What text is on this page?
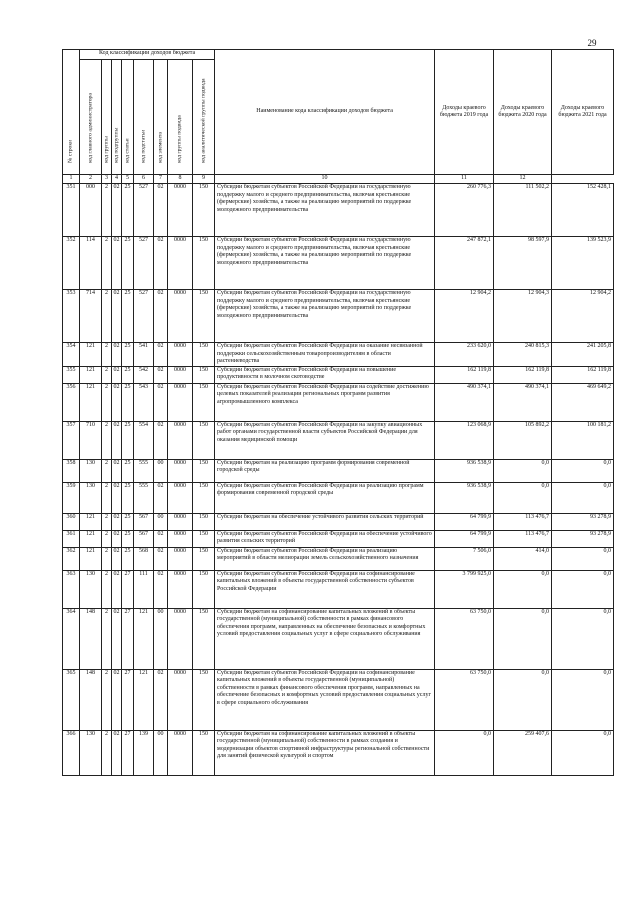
29
№ строки	Код классификации доходов бюджета								Наименование кода классификации доходов бюджета	Доходы краевого бюджета 2019 года	Доходы краевого бюджета 2020 года	Доходы краевого бюджета 2021 года

	код главного администратора	код группы	код подгруппы	код статьи	код подстатьи	код элемента	код группы подвида	код аналитической группы подвида				

1	2	3	4	5	6	7	8	9	10	11	12	
351	000	2	02	25	527	02	0000	150	Субсидии бюджетам субъектов Российской Федерации на государственную поддержку малого и среднего предпринимательства, включая крестьянские (фермерские) хозяйства, а также на реализацию мероприятий по поддержке молодежного предпринимательства	260 776,3	111 502,2	152 428,1
352	114	2	02	25	527	02	0000	150	Субсидии бюджетам субъектов Российской Федерации на государственную поддержку малого и среднего предпринимательства, включая крестьянские (фермерские) хозяйства, а также на реализацию мероприятий по поддержке молодежного предпринимательства	247 872,1	98 597,9	139 523,9
353	714	2	02	25	527	02	0000	150	Субсидии бюджетам субъектов Российской Федерации на государственную поддержку малого и среднего предпринимательства, включая крестьянские (фермерские) хозяйства, а также на реализацию мероприятий по поддержке молодежного предпринимательства	12 904,2	12 904,3	12 904,2
354	121	2	02	25	541	02	0000	150	Субсидии бюджетам субъектов Российской Федерации на оказание несвязанной поддержки сельскохозяйственным товаропроизводителям в области растениеводства	233 620,0	240 815,3	241 205,8
355	121	2	02	25	542	02	0000	150	Субсидии бюджетам субъектов Российской Федерации на повышение продуктивности в молочном скотоводстве	162 119,8	162 119,8	162 119,8
356	121	2	02	25	543	02	0000	150	Субсидии бюджетам субъектов Российской Федерации на содействие достижению целевых показателей реализации региональных программ развития агропромышленного комплекса	490 374,1	490 374,1	469 649,2
357	710	2	02	25	554	02	0000	150	Субсидии бюджетам субъектов Российской Федерации на закупку авиационных работ органами государственной власти субъектов Российской Федерации для оказания медицинской помощи	123 068,9	105 892,2	100 181,2
358	130	2	02	25	555	00	0000	150	Субсидии бюджетам на реализацию программ формирования современной городской среды	936 538,9	0,0	0,0
359	130	2	02	25	555	02	0000	150	Субсидии бюджетам субъектов Российской Федерации на реализацию программ формирования современной городской среды	936 538,9	0,0	0,0
360	121	2	02	25	567	00	0000	150	Субсидии бюджетам на обеспечение устойчивого развития сельских территорий	64 799,9	113 476,7	93 278,9
361	121	2	02	25	567	02	0000	150	Субсидии бюджетам субъектов Российской Федерации на обеспечение устойчивого развития сельских территорий	64 799,9	113 476,7	93 278,9
362	121	2	02	25	568	02	0000	150	Субсидии бюджетам субъектов Российской Федерации на реализацию мероприятий в области мелиорации земель сельскохозяйственного назначения	7 506,0	414,0	0,0
363	130	2	02	27	111	02	0000	150	Субсидии бюджетам субъектов Российской Федерации на софинансирование капитальных вложений в объекты государственной собственности субъектов Российской Федерации	3 799 925,0	0,0	0,0
364	148	2	02	27	121	00	0000	150	Субсидии бюджетам на софинансирование капитальных вложений в объекты государственной (муниципальной) собственности в рамках финансового обеспечения программ, направленных на обеспечение безопасных и комфортных условий предоставления социальных услуг в сфере социального обслуживания	63 750,0	0,0	0,0
365	148	2	02	27	121	02	0000	150	Субсидии бюджетам субъектов Российской Федерации на софинансирование капитальных вложений в объекты государственной (муниципальной) собственности в рамках финансового обеспечения программ, направленных на обеспечение безопасных и комфортных условий предоставления социальных услуг в сфере социального обслуживания	63 750,0	0,0	0,0
366	130	2	02	27	139	00	0000	150	Субсидии бюджетам на софинансирование капитальных вложений в объекты государственной (муниципальной) собственности в рамках создания и модернизации объектов спортивной инфраструктуры региональной собственности для занятий физической культурой и спортом	0,0	259 407,6	0,0
